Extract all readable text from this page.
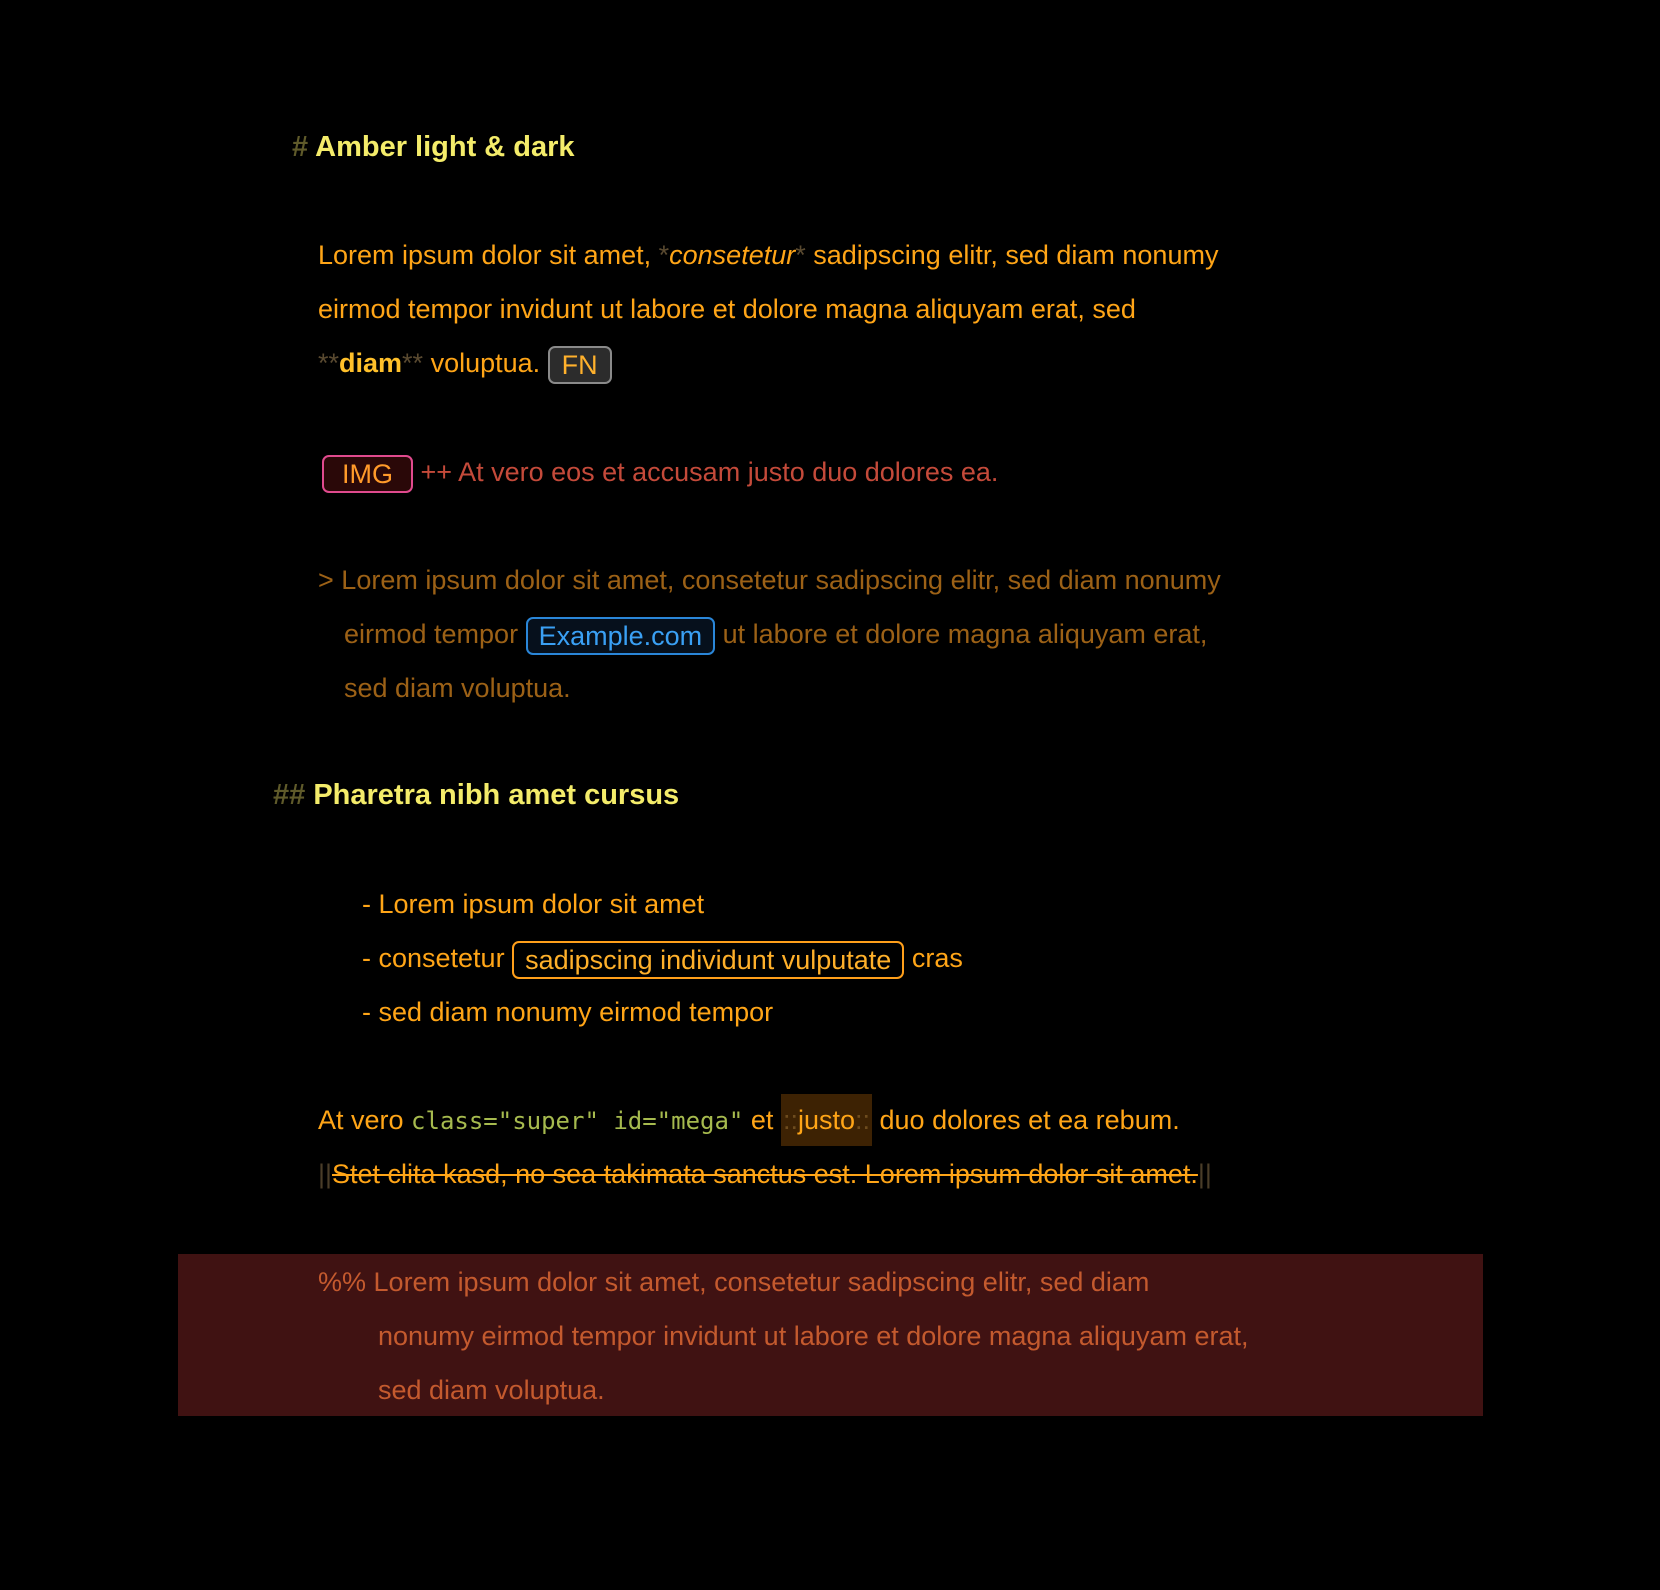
# Amber light & dark
Lorem ipsum dolor sit amet, *consetetur* sadipscing elitr, sed diam nonumy
eirmod tempor invidunt ut labore et dolore magna aliquyam erat, sed
**diam** voluptua. FN
IMG ++ At vero eos et accusam justo duo dolores ea.
> Lorem ipsum dolor sit amet, consetetur sadipscing elitr, sed diam nonumy
eirmod tempor Example.com ut labore et dolore magna aliquyam erat,
sed diam voluptua.
## Pharetra nibh amet cursus
- Lorem ipsum dolor sit amet
- consetetur sadipscing individunt vulputate cras
- sed diam nonumy eirmod tempor
At vero class="super" id="mega" et ::justo:: duo dolores et ea rebum.
||Stet clita kasd, no sea takimata sanctus est. Lorem ipsum dolor sit amet.||
%% Lorem ipsum dolor sit amet, consetetur sadipscing elitr, sed diam
nonumy eirmod tempor invidunt ut labore et dolore magna aliquyam erat,
sed diam voluptua.
